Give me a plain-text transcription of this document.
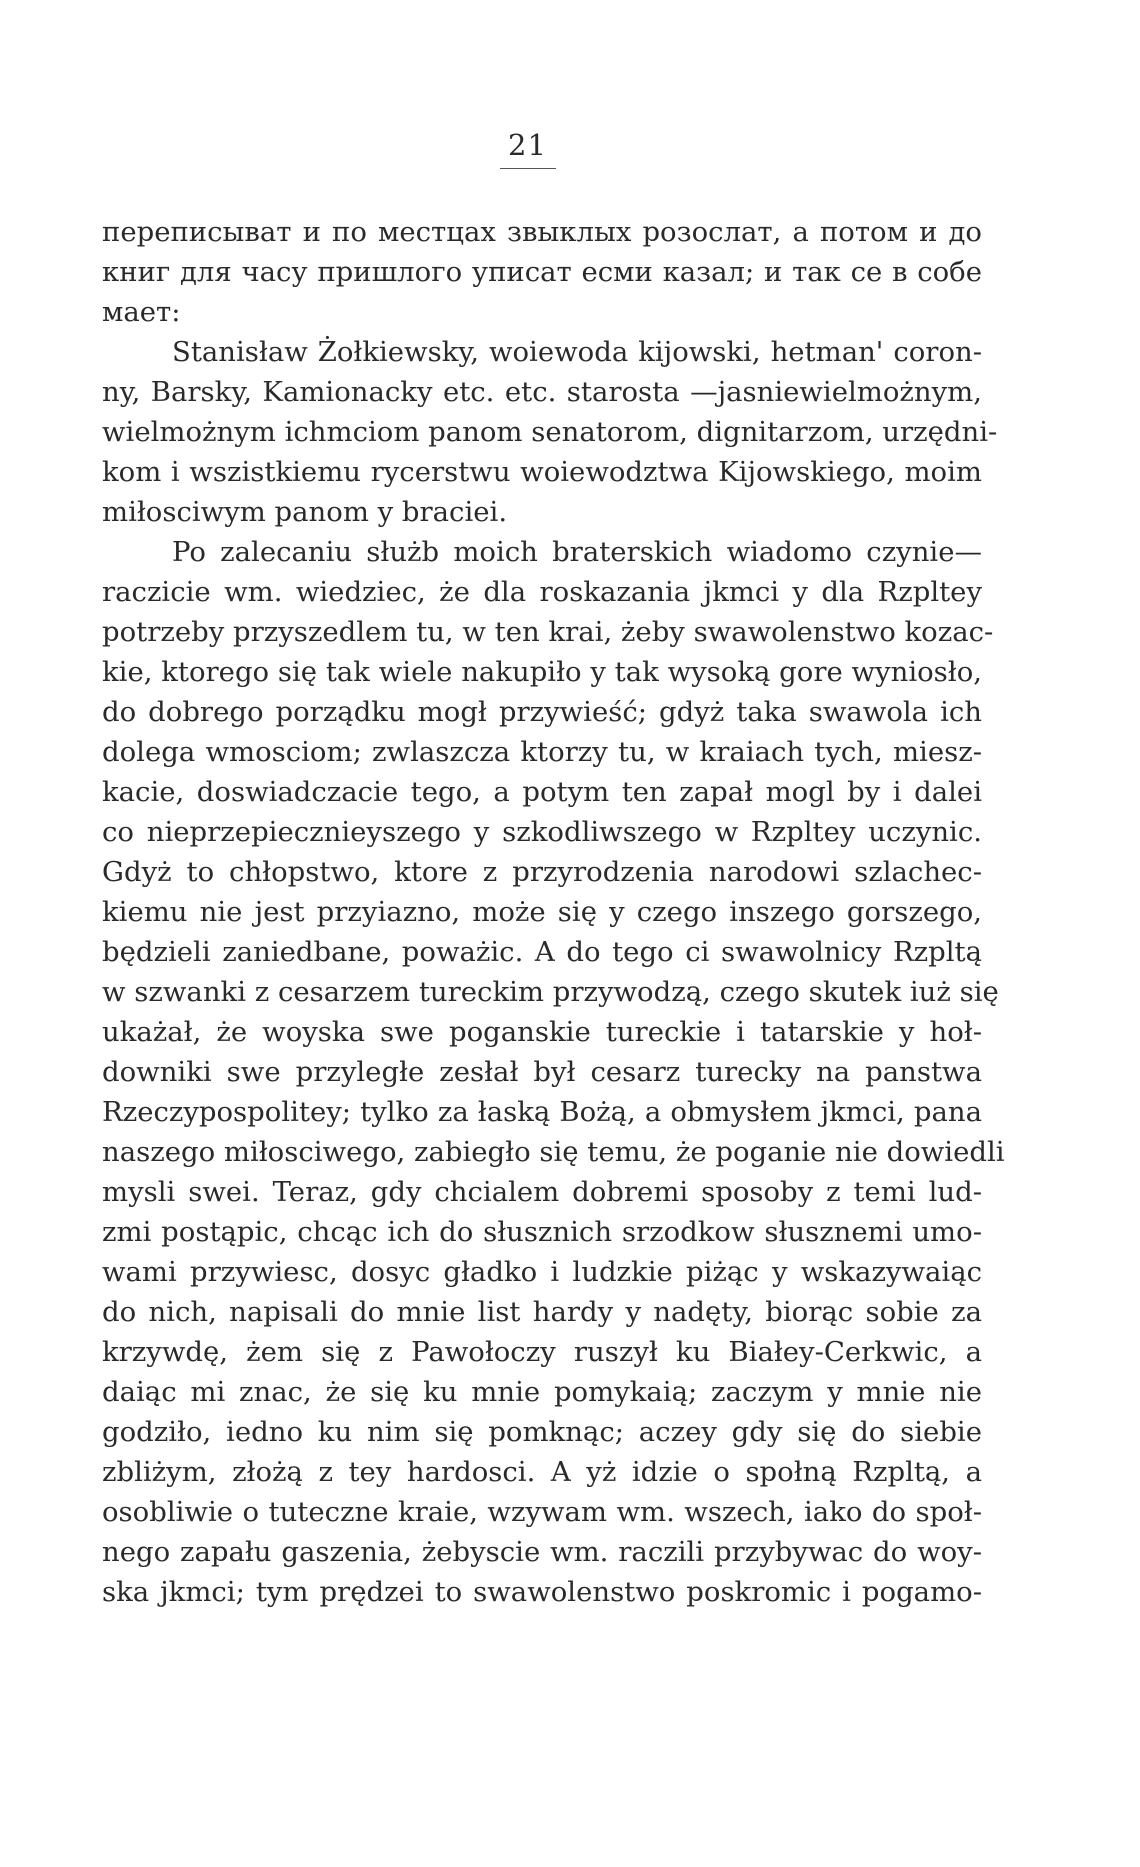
21
переписыват и по местцах звыклых розослат, а потом и до
книг для часу пришлого уписат есми казал; и так се в собе
мает:
Stanisław Żołkiewsky, woiewoda kijowski, hetman' coron-
ny, Barsky, Kamionacky etc. etc. starosta —jasniewielmożnym,
wielmożnym ichmciom panom senatorom, dignitarzom, urzędni-
kom i wszistkiemu rycerstwu woiewodztwa Kijowskiego, moim
miłosciwym panom y braciei.
Po zalecaniu służb moich braterskich wiadomo czynie—
raczicie wm. wiedziec, że dla roskazania jkmci y dla Rzpltey
potrzeby przyszedlem tu, w ten krai, żeby swawolenstwo kozac-
kie, ktorego się tak wiele nakupiło y tak wysoką gore wyniosło,
do dobrego porządku mogł przywieść; gdyż taka swawola ich
dolega wmosciom; zwlaszcza ktorzy tu, w kraiach tych, miesz-
kacie, doswiadczacie tego, a potym ten zapał mogl by i dalei
co nieprzepiecznieyszego y szkodliwszego w Rzpltey uczynic.
Gdyż to chłopstwo, ktore z przyrodzenia narodowi szlachec-
kiemu nie jest przyiazno, może się y czego inszego gorszego,
będzieli zaniedbane, poważic. A do tego ci swawolnicy Rzpltą
w szwanki z cesarzem tureckim przywodzą, czego skutek iuż się
ukażał, że woyska swe poganskie tureckie i tatarskie y hoł-
downiki swe przyległe zesłał był cesarz turecky na panstwa
Rzeczypospolitey; tylko za łaską Bożą, a obmysłem jkmci, pana
naszego miłosciwego, zabiegło się temu, że poganie nie dowiedli
mysli swei. Teraz, gdy chcialem dobremi sposoby z temi lud-
zmi postąpic, chcąc ich do słusznich srzodkow słusznemi umo-
wami przywiesc, dosyc gładko i ludzkie piżąc y wskazywaiąc
do nich, napisali do mnie list hardy y nadęty, biorąc sobie za
krzywdę, żem się z Pawołoczy ruszył ku Białey-Cerkwic, a
daiąc mi znac, że się ku mnie pomykaią; zaczym y mnie nie
godziło, iedno ku nim się pomknąc; aczey gdy się do siebie
zbliżym, złożą z tey hardosci. A yż idzie o społną Rzpltą, a
osobliwie o tuteczne kraie, wzywam wm. wszech, iako do społ-
nego zapału gaszenia, żebyscie wm. raczili przybywac do woy-
ska jkmci; tym prędzei to swawolenstwo poskromic i pogamo-
